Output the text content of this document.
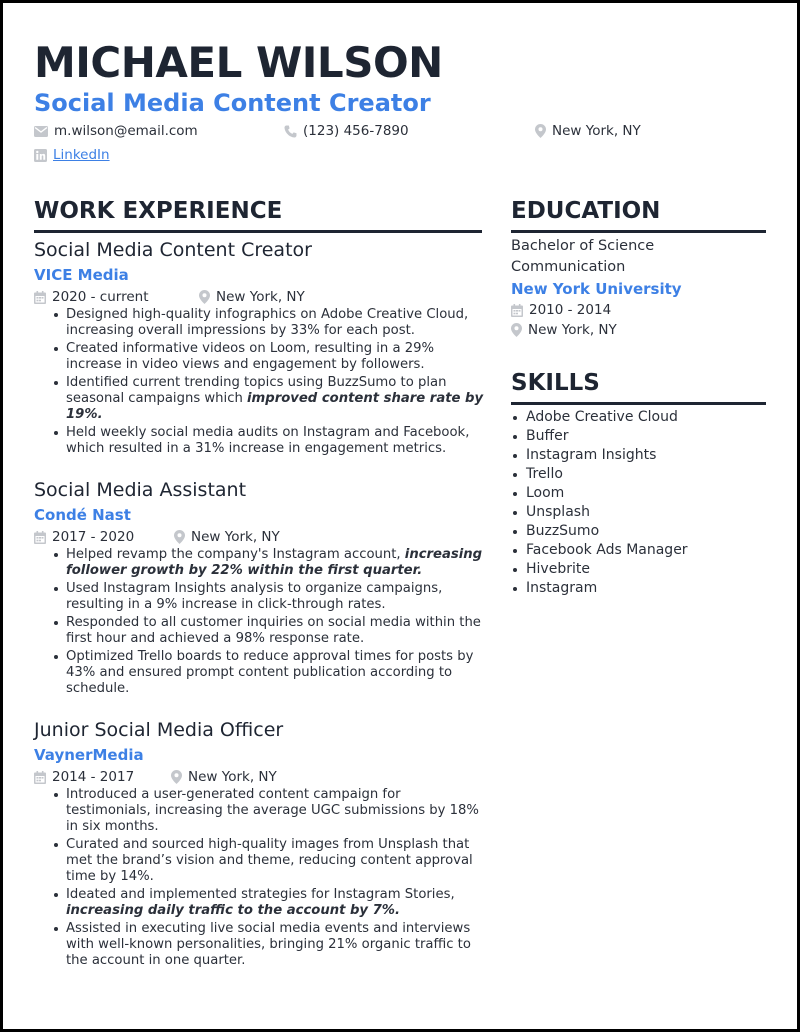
MICHAEL WILSON
Social Media Content Creator
m.wilson@email.com	(123) 456-7890	New York, NY
LinkedIn
WORK EXPERIENCE
Social Media Content Creator
VICE Media
2020 - current	New York, NY
Designed high-quality infographics on Adobe Creative Cloud, increasing overall impressions by 33% for each post.
Created informative videos on Loom, resulting in a 29% increase in video views and engagement by followers.
Identified current trending topics using BuzzSumo to plan seasonal campaigns which improved content share rate by 19%.
Held weekly social media audits on Instagram and Facebook, which resulted in a 31% increase in engagement metrics.
Social Media Assistant
Condé Nast
2017 - 2020	New York, NY
Helped revamp the company's Instagram account, increasing follower growth by 22% within the first quarter.
Used Instagram Insights analysis to organize campaigns, resulting in a 9% increase in click-through rates.
Responded to all customer inquiries on social media within the first hour and achieved a 98% response rate.
Optimized Trello boards to reduce approval times for posts by 43% and ensured prompt content publication according to schedule.
Junior Social Media Officer
VaynerMedia
2014 - 2017	New York, NY
Introduced a user-generated content campaign for testimonials, increasing the average UGC submissions by 18% in six months.
Curated and sourced high-quality images from Unsplash that met the brand’s vision and theme, reducing content approval time by 14%.
Ideated and implemented strategies for Instagram Stories, increasing daily traffic to the account by 7%.
Assisted in executing live social media events and interviews with well-known personalities, bringing 21% organic traffic to the account in one quarter.
EDUCATION
Bachelor of Science
Communication
New York University
2010 - 2014
New York, NY
SKILLS
Adobe Creative Cloud
Buffer
Instagram Insights
Trello
Loom
Unsplash
BuzzSumo
Facebook Ads Manager
Hivebrite
Instagram
